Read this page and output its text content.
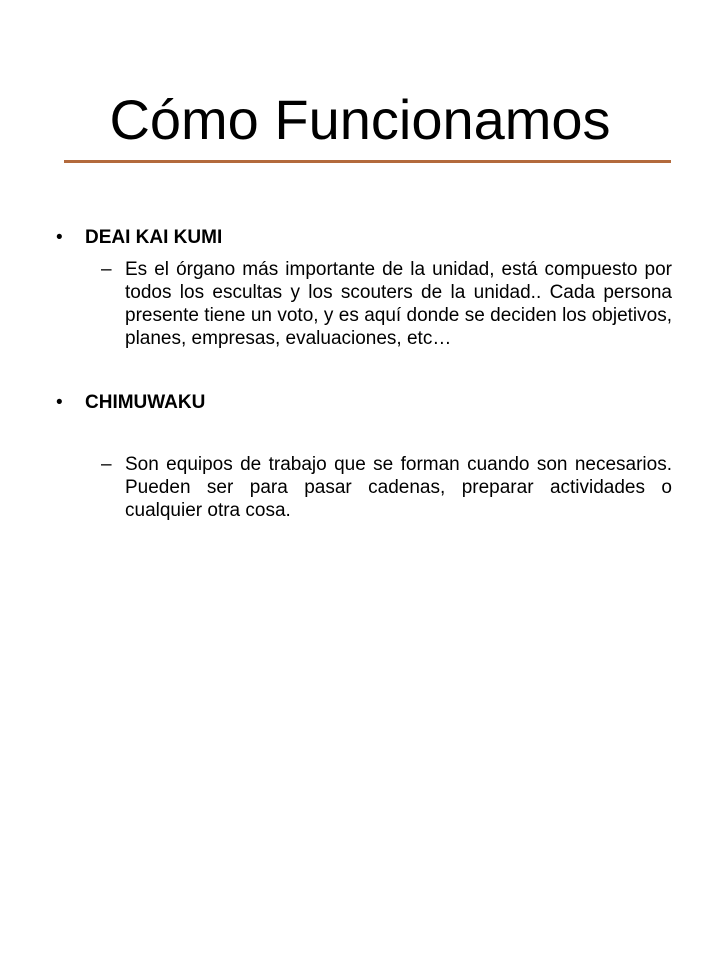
Cómo Funcionamos
• DEAI KAI KUMI
– Es el órgano más importante de la unidad, está compuesto por todos los escultas y los scouters de la unidad.. Cada persona presente tiene un voto, y es aquí donde se deciden los objetivos, planes, empresas, evaluaciones, etc…
• CHIMUWAKU
– Son equipos de trabajo que se forman cuando son necesarios. Pueden ser para pasar cadenas, preparar actividades o cualquier otra cosa.
